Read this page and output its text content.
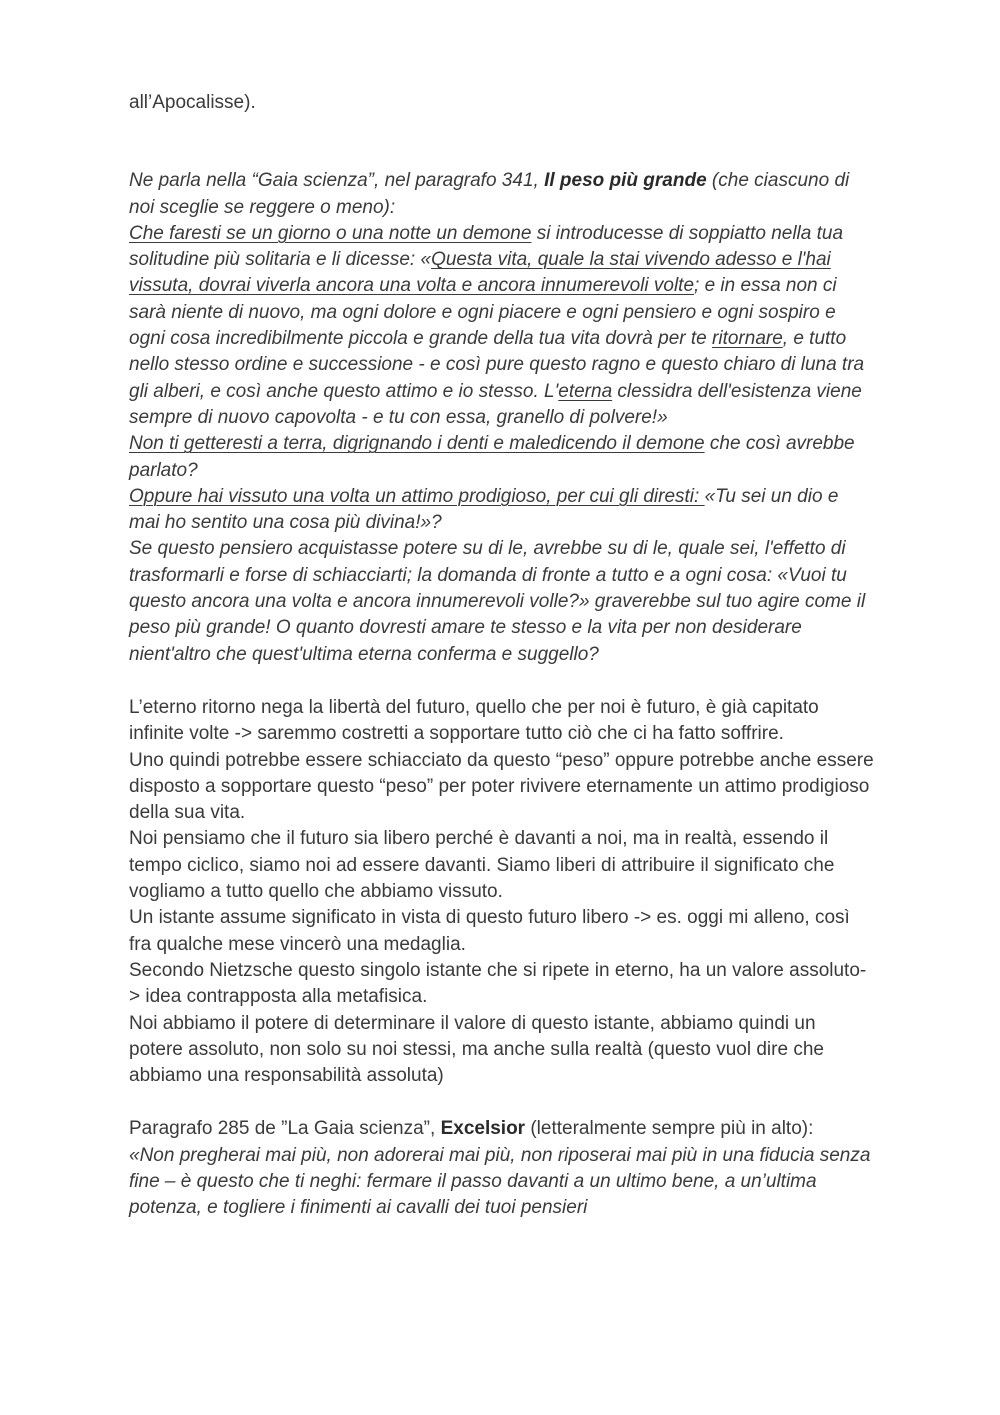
all’Apocalisse).

Ne parla nella “Gaia scienza”, nel paragrafo 341, Il peso più grande (che ciascuno di noi sceglie se reggere o meno):

Che faresti se un giorno o una notte un demone si introducesse di soppiatto nella tua solitudine più solitaria e li dicesse: «Questa vita, quale la stai vivendo adesso e l'hai vissuta, dovrai viverla ancora una volta e ancora innumerevoli volte; e in essa non ci sarà niente di nuovo, ma ogni dolore e ogni piacere e ogni pensiero e ogni sospiro e ogni cosa incredibilmente piccola e grande della tua vita dovrà per te ritornare, e tutto nello stesso ordine e successione - e così pure questo ragno e questo chiaro di luna tra gli alberi, e così anche questo attimo e io stesso. L'eterna clessidra dell'esistenza viene sempre di nuovo capovolta - e tu con essa, granello di polvere!»

Non ti getteresti a terra, digrignando i denti e maledicendo il demone che così avrebbe parlato?

Oppure hai vissuto una volta un attimo prodigioso, per cui gli diresti: «Tu sei un dio e mai ho sentito una cosa più divina!»?

Se questo pensiero acquistasse potere su di le, avrebbe su di le, quale sei, l'effetto di trasformarli e forse di schiacciarti; la domanda di fronte a tutto e a ogni cosa: «Vuoi tu questo ancora una volta e ancora innumerevoli volle?» graverebbe sul tuo agire come il peso più grande! O quanto dovresti amare te stesso e la vita per non desiderare nient'altro che quest'ultima eterna conferma e suggello?

L’eterno ritorno nega la libertà del futuro, quello che per noi è futuro, è già capitato infinite volte -> saremmo costretti a sopportare tutto ciò che ci ha fatto soffrire.

Uno quindi potrebbe essere schiacciato da questo “peso” oppure potrebbe anche essere disposto a sopportare questo “peso” per poter rivivere eternamente un attimo prodigioso della sua vita.

Noi pensiamo che il futuro sia libero perché è davanti a noi, ma in realtà, essendo il tempo ciclico, siamo noi ad essere davanti. Siamo liberi di attribuire il significato che vogliamo a tutto quello che abbiamo vissuto.

Un istante assume significato in vista di questo futuro libero -> es. oggi mi alleno, così fra qualche mese vincerò una medaglia.

Secondo Nietzsche questo singolo istante che si ripete in eterno, ha un valore assoluto-> idea contrapposta alla metafisica.

Noi abbiamo il potere di determinare il valore di questo istante, abbiamo quindi un potere assoluto, non solo su noi stessi, ma anche sulla realtà (questo vuol dire che abbiamo una responsabilità assoluta)

Paragrafo 285 de ”La Gaia scienza”, Excelsior (letteralmente sempre più in alto):

«Non pregherai mai più, non adorerai mai più, non riposerai mai più in una fiducia senza fine – è questo che ti neghi: fermare il passo davanti a un ultimo bene, a un’ultima potenza, e togliere i finimenti ai cavalli dei tuoi pensieri
